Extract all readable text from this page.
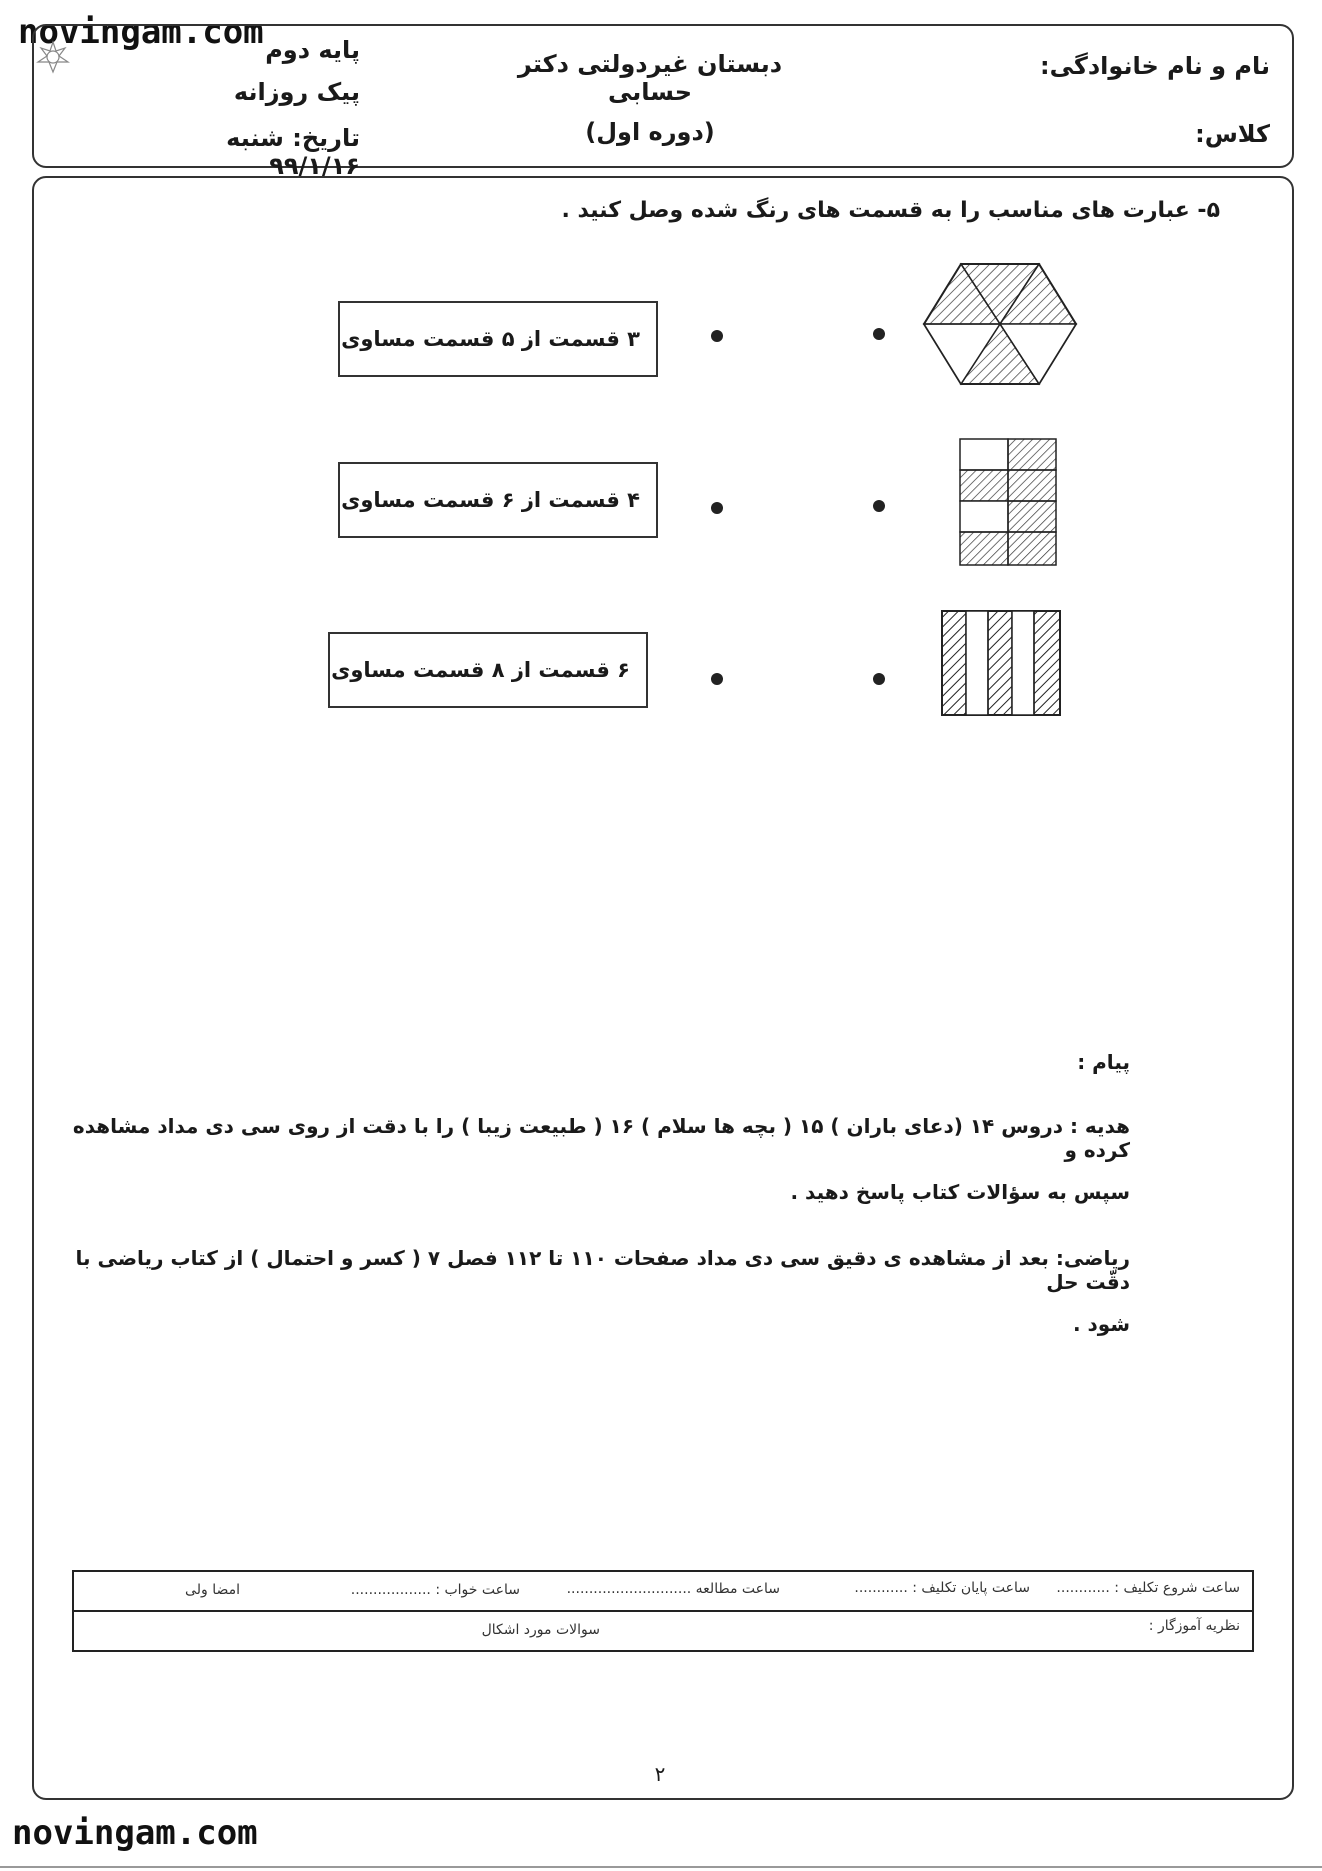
novingam.com پایه دوم
پیک روزانه
تاریخ: شنبه ۹۹/۱/۱۶
دبستان غیردولتی دکتر حسابی
(دوره اول)
نام و نام خانوادگی:
کلاس:
۵- عبارت های مناسب را به قسمت های رنگ شده وصل کنید .
۳ قسمت از ۵ قسمت مساوی
۴ قسمت از ۶ قسمت مساوی
۶ قسمت از ۸ قسمت مساوی
پیام :
هدیه : دروس ۱۴ (دعای باران ) ۱۵ ( بچه ها سلام ) ۱۶ ( طبیعت زیبا ) را با دقت از روی سی دی مداد مشاهده کرده و
سپس به سؤالات کتاب پاسخ دهید .
ریاضی: بعد از مشاهده ی دقیق سی دی مداد صفحات ۱۱۰ تا ۱۱۲ فصل ۷ ( کسر و احتمال ) از کتاب ریاضی با دقّت حل
شود .
ساعت شروع تکلیف : ............
ساعت پایان تکلیف : ............
ساعت مطالعه ............................
ساعت خواب : ..................
امضا ولی
نظریه آموزگار :
سوالات مورد اشکال
۲
novingam.com
